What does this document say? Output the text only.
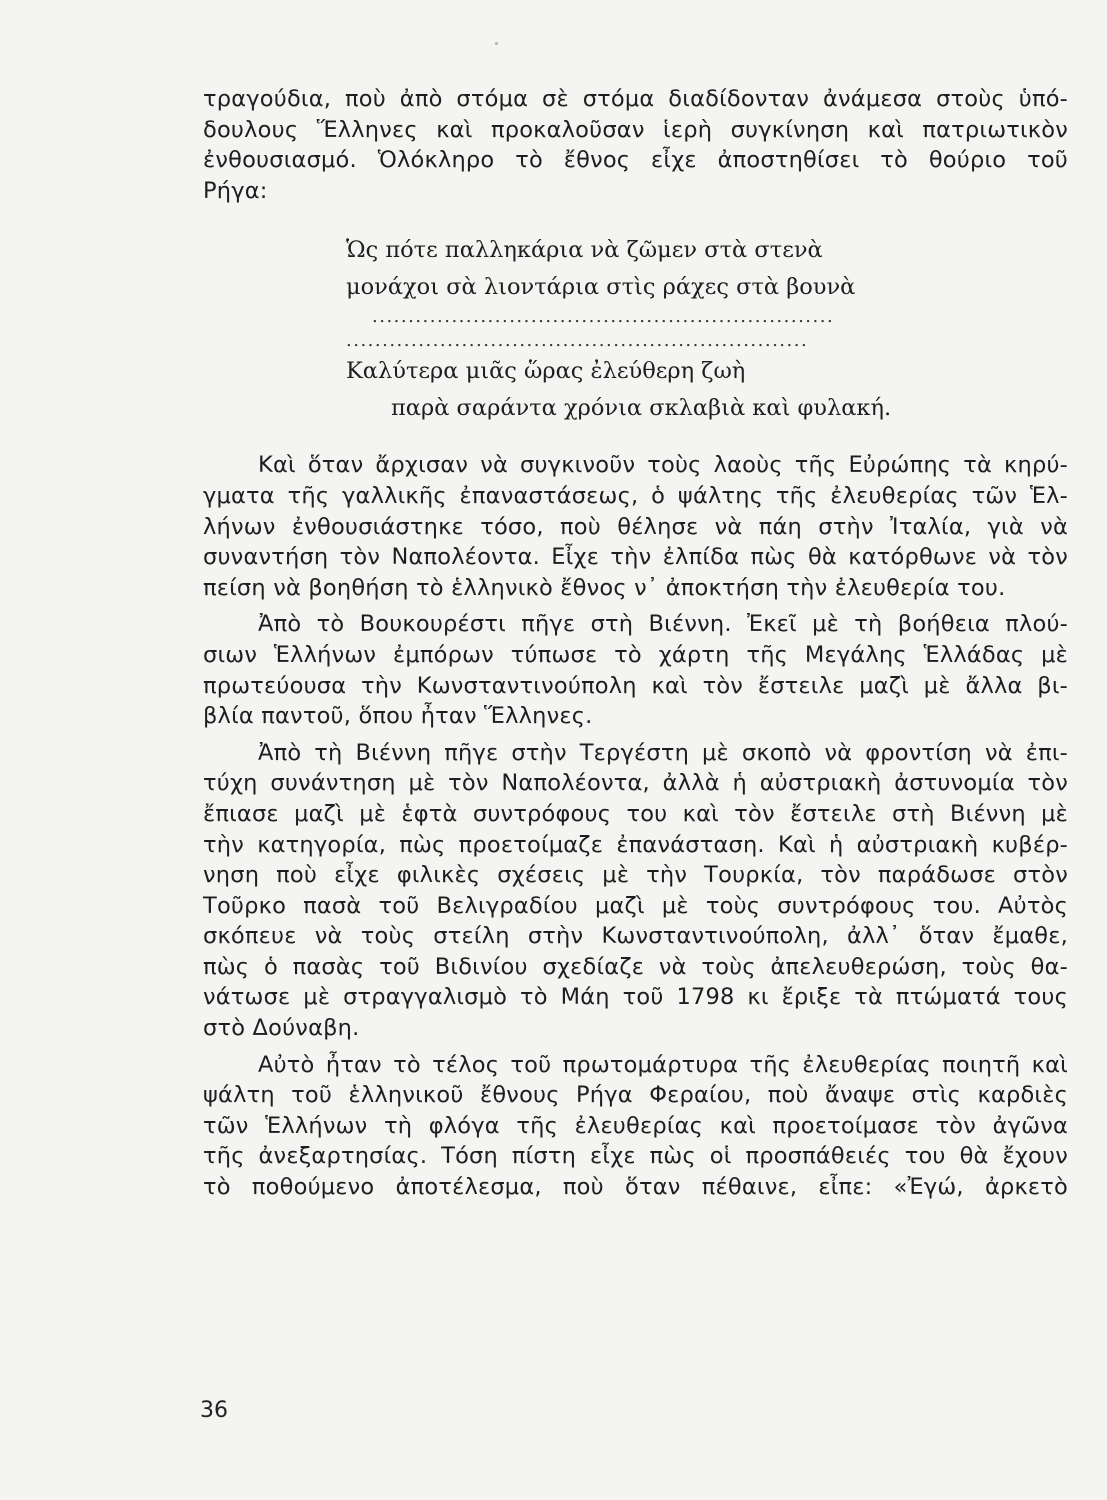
τραγούδια, ποὺ ἀπὸ στόμα σὲ στόμα διαδίδονταν ἀνάμεσα στοὺς ὑπό-
δουλους Ἕλληνες καὶ προκαλοῦσαν ἱερὴ συγκίνηση καὶ πατριωτικὸν
ἐνθουσιασμό. Ὁλόκληρο τὸ ἔθνος εἶχε ἀποστηθίσει τὸ θούριο τοῦ
Ρήγα:
Ὡς πότε παλληκάρια νὰ ζῶμεν στὰ στενὰ
μονάχοι σὰ λιοντάρια στὶς ράχες στὰ βουνὰ
................................................................
................................................................
Καλύτερα μιᾶς ὥρας ἐλεύθερη ζωὴ
παρὰ σαράντα χρόνια σκλαβιὰ καὶ φυλακή.
Καὶ ὅταν ἄρχισαν νὰ συγκινοῦν τοὺς λαοὺς τῆς Εὐρώπης τὰ κηρύ-
γματα τῆς γαλλικῆς ἐπαναστάσεως, ὁ ψάλτης τῆς ἐλευθερίας τῶν Ἑλ-
λήνων ἐνθουσιάστηκε τόσο, ποὺ θέλησε νὰ πάη στὴν Ἰταλία, γιὰ νὰ
συναντήση τὸν Ναπολέοντα. Εἶχε τὴν ἐλπίδα πὼς θὰ κατόρθωνε νὰ τὸν
πείση νὰ βοηθήση τὸ ἑλληνικὸ ἔθνος ν᾿ ἀποκτήση τὴν ἐλευθερία του.
Ἀπὸ τὸ Βουκουρέστι πῆγε στὴ Βιέννη. Ἐκεῖ μὲ τὴ βοήθεια πλού-
σιων Ἑλλήνων ἐμπόρων τύπωσε τὸ χάρτη τῆς Μεγάλης Ἑλλάδας μὲ
πρωτεύουσα τὴν Κωνσταντινούπολη καὶ τὸν ἔστειλε μαζὶ μὲ ἄλλα βι-
βλία παντοῦ, ὅπου ἦταν Ἕλληνες.
Ἀπὸ τὴ Βιέννη πῆγε στὴν Τεργέστη μὲ σκοπὸ νὰ φροντίση νὰ ἐπι-
τύχη συνάντηση μὲ τὸν Ναπολέοντα, ἀλλὰ ἡ αὐστριακὴ ἀστυνομία τὸν
ἔπιασε μαζὶ μὲ ἑφτὰ συντρόφους του καὶ τὸν ἔστειλε στὴ Βιέννη μὲ
τὴν κατηγορία, πὼς προετοίμαζε ἐπανάσταση. Καὶ ἡ αὐστριακὴ κυβέρ-
νηση ποὺ εἶχε φιλικὲς σχέσεις μὲ τὴν Τουρκία, τὸν παράδωσε στὸν
Τοῦρκο πασὰ τοῦ Βελιγραδίου μαζὶ μὲ τοὺς συντρόφους του. Αὐτὸς
σκόπευε νὰ τοὺς στείλη στὴν Κωνσταντινούπολη, ἀλλ᾿ ὅταν ἔμαθε,
πὼς ὁ πασὰς τοῦ Βιδινίου σχεδίαζε νὰ τοὺς ἀπελευθερώση, τοὺς θα-
νάτωσε μὲ στραγγαλισμὸ τὸ Μάη τοῦ 1798 κι ἔριξε τὰ πτώματά τους
στὸ Δούναβη.
Αὐτὸ ἦταν τὸ τέλος τοῦ πρωτομάρτυρα τῆς ἐλευθερίας ποιητῆ καὶ
ψάλτη τοῦ ἑλληνικοῦ ἔθνους Ρήγα Φεραίου, ποὺ ἄναψε στὶς καρδιὲς
τῶν Ἑλλήνων τὴ φλόγα τῆς ἐλευθερίας καὶ προετοίμασε τὸν ἀγῶνα
τῆς ἀνεξαρτησίας. Τόση πίστη εἶχε πὼς οἱ προσπάθειές του θὰ ἔχουν
τὸ ποθούμενο ἀποτέλεσμα, ποὺ ὅταν πέθαινε, εἶπε: «Ἐγώ, ἀρκετὸ
36
